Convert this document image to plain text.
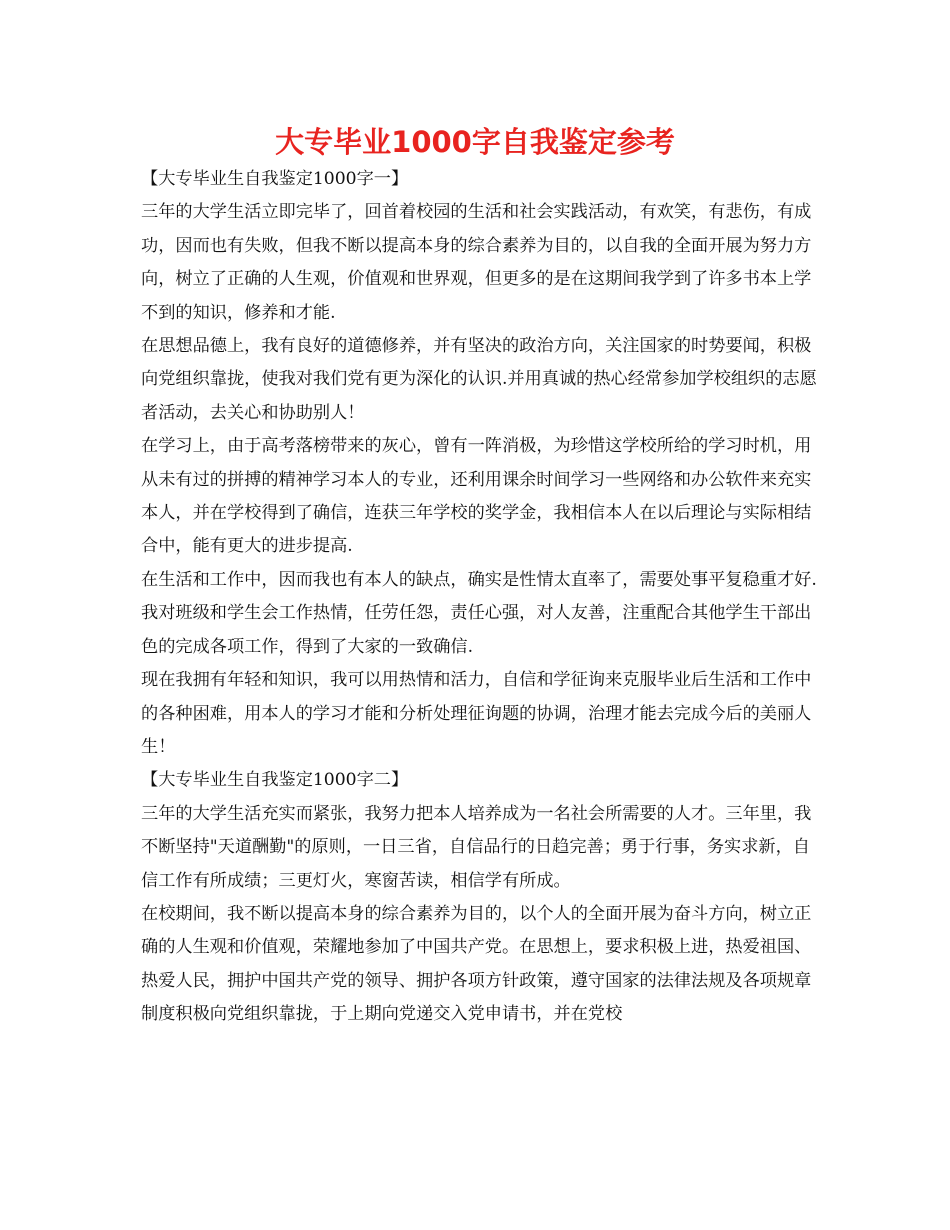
大专毕业1000字自我鉴定参考

【大专毕业生自我鉴定1000字一】

三年的大学生活立即完毕了，回首着校园的生活和社会实践活动，有欢笑，有悲伤，有成功，因而也有失败，但我不断以提高本身的综合素养为目的，以自我的全面开展为努力方向，树立了正确的人生观，价值观和世界观，但更多的是在这期间我学到了许多书本上学不到的知识，修养和才能.

在思想品德上，我有良好的道德修养，并有坚决的政治方向，关注国家的时势要闻，积极向党组织靠拢，使我对我们党有更为深化的认识.并用真诚的热心经常参加学校组织的志愿者活动，去关心和协助别人！

在学习上，由于高考落榜带来的灰心，曾有一阵消极，为珍惜这学校所给的学习时机，用从未有过的拼搏的精神学习本人的专业，还利用课余时间学习一些网络和办公软件来充实本人，并在学校得到了确信，连获三年学校的奖学金，我相信本人在以后理论与实际相结合中，能有更大的进步提高.

在生活和工作中，因而我也有本人的缺点，确实是性情太直率了，需要处事平复稳重才好.我对班级和学生会工作热情，任劳任怨，责任心强，对人友善，注重配合其他学生干部出色的完成各项工作，得到了大家的一致确信.

现在我拥有年轻和知识，我可以用热情和活力，自信和学征询来克服毕业后生活和工作中的各种困难，用本人的学习才能和分析处理征询题的协调，治理才能去完成今后的美丽人生！

【大专毕业生自我鉴定1000字二】

三年的大学生活充实而紧张，我努力把本人培养成为一名社会所需要的人才。三年里，我不断坚持"天道酬勤"的原则，一日三省，自信品行的日趋完善；勇于行事，务实求新，自信工作有所成绩；三更灯火，寒窗苦读，相信学有所成。

在校期间，我不断以提高本身的综合素养为目的，以个人的全面开展为奋斗方向，树立正确的人生观和价值观，荣耀地参加了中国共产党。在思想上，要求积极上进，热爱祖国、热爱人民，拥护中国共产党的领导、拥护各项方针政策，遵守国家的法律法规及各项规章制度积极向党组织靠拢，于上期向党递交入党申请书，并在党校
